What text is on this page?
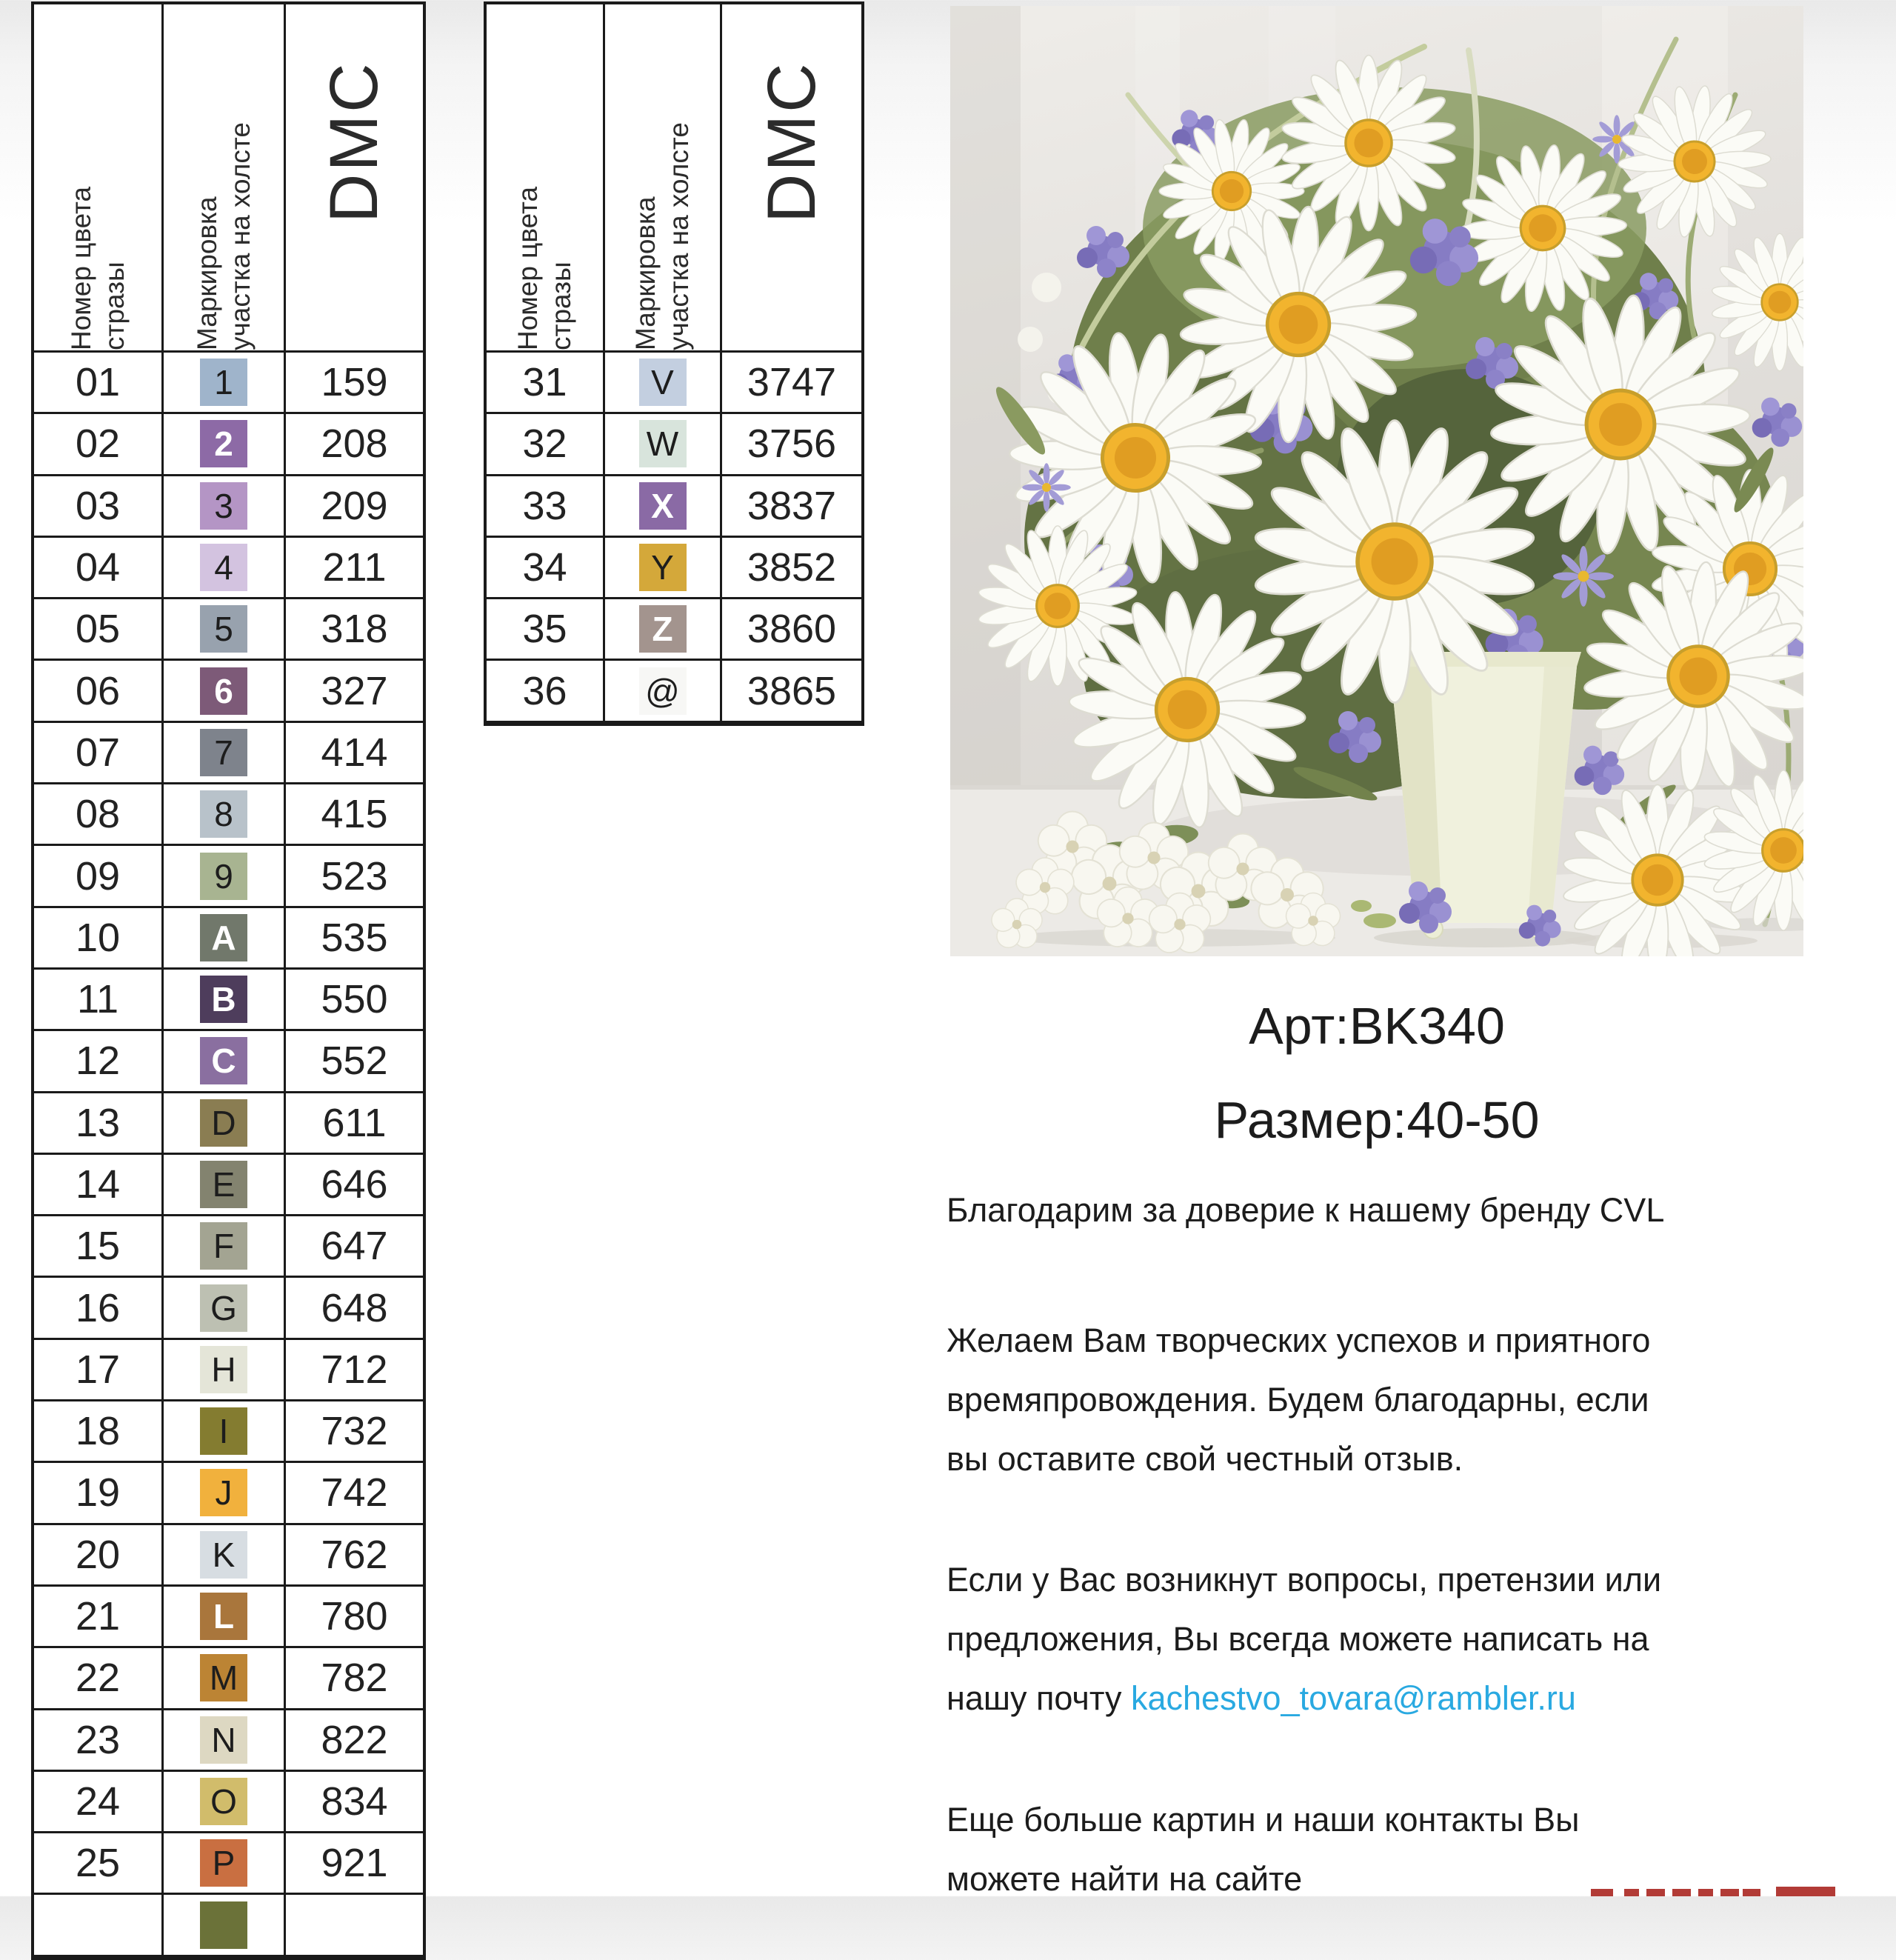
Номер цвета стразы Маркировка участка на холсте DMC
01	1	159
02	2	208
03	3	209
04	4	211
05	5	318
06	6	327
07	7	414
08	8	415
09	9	523
10	A	535
11	B	550
12	C	552
13	D	611
14	E	646
15	F	647
16	G	648
17	H	712
18	I	732
19	J	742
20	K	762
21	L	780
22	M	782
23	N	822
24	O	834
25	P	921
Номер цвета стразы Маркировка участка на холсте DMC
31	V	3747
32	W	3756
33	X	3837
34	Y	3852
35	Z	3860
36	@	3865
Арт:BK340
Размер:40-50
Благодарим за доверие к нашему бренду CVL
Желаем Вам творческих успехов и приятного
времяпровождения. Будем благодарны, если
вы оставите свой честный отзыв.
Если у Вас возникнут вопросы, претензии или
предложения, Вы всегда можете написать на
нашу почту kachestvo_tovara@rambler.ru
Еще больше картин и наши контакты Вы
можете найти на сайте
